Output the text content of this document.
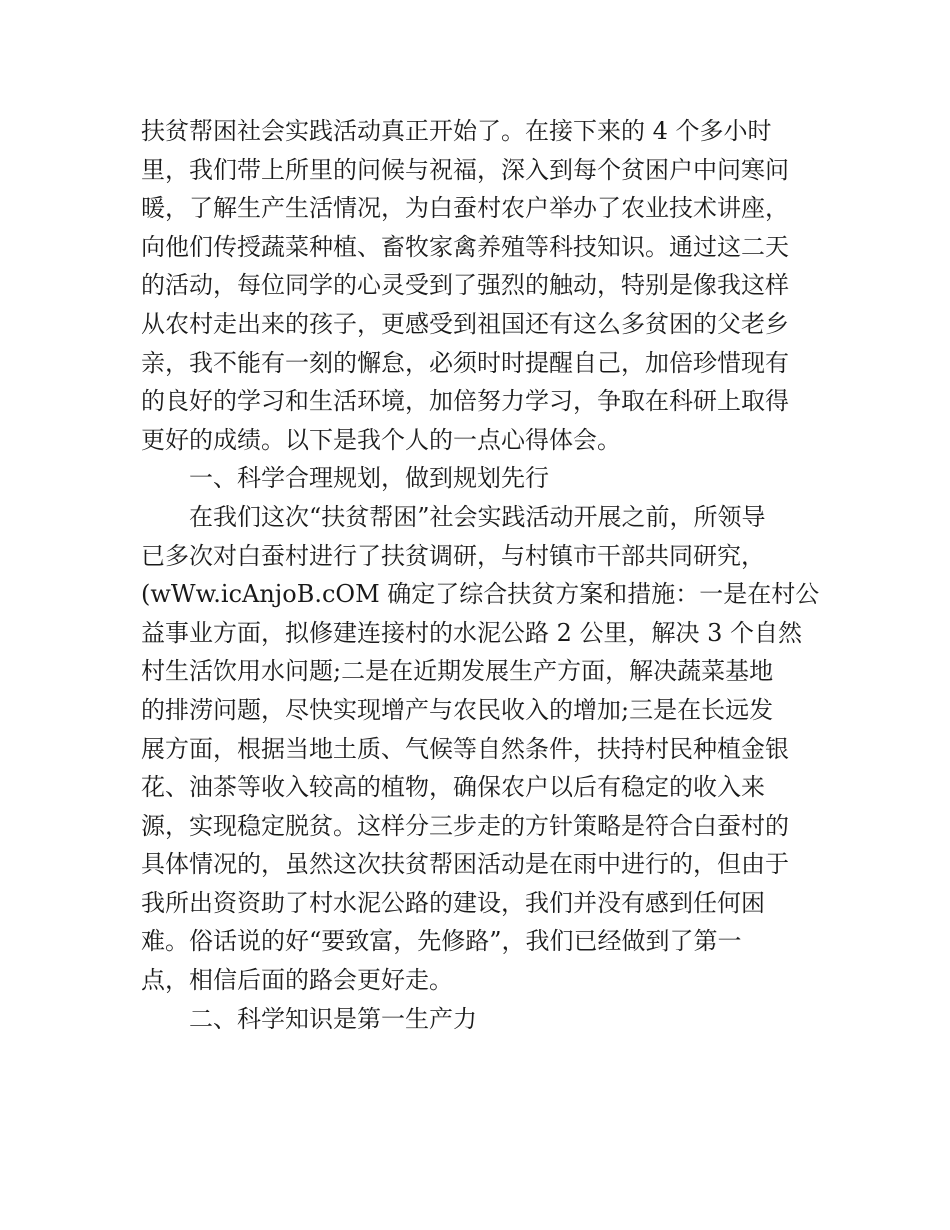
扶贫帮困社会实践活动真正开始了。在接下来的 4 个多小时
里，我们带上所里的问候与祝福，深入到每个贫困户中问寒问
暖，了解生产生活情况，为白蚕村农户举办了农业技术讲座，
向他们传授蔬菜种植、畜牧家禽养殖等科技知识。通过这二天
的活动，每位同学的心灵受到了强烈的触动，特别是像我这样
从农村走出来的孩子，更感受到祖国还有这么多贫困的父老乡
亲，我不能有一刻的懈怠，必须时时提醒自己，加倍珍惜现有
的良好的学习和生活环境，加倍努力学习，争取在科研上取得
更好的成绩。以下是我个人的一点心得体会。
一、科学合理规划，做到规划先行
在我们这次“扶贫帮困”社会实践活动开展之前，所领导
已多次对白蚕村进行了扶贫调研，与村镇市干部共同研究，
(wWw.icAnjoB.cOM 确定了综合扶贫方案和措施：一是在村公
益事业方面，拟修建连接村的水泥公路 2 公里，解决 3 个自然
村生活饮用水问题;二是在近期发展生产方面，解决蔬菜基地
的排涝问题，尽快实现增产与农民收入的增加;三是在长远发
展方面，根据当地土质、气候等自然条件，扶持村民种植金银
花、油茶等收入较高的植物，确保农户以后有稳定的收入来
源，实现稳定脱贫。这样分三步走的方针策略是符合白蚕村的
具体情况的，虽然这次扶贫帮困活动是在雨中进行的，但由于
我所出资资助了村水泥公路的建设，我们并没有感到任何困
难。俗话说的好“要致富，先修路”，我们已经做到了第一
点，相信后面的路会更好走。
二、科学知识是第一生产力
